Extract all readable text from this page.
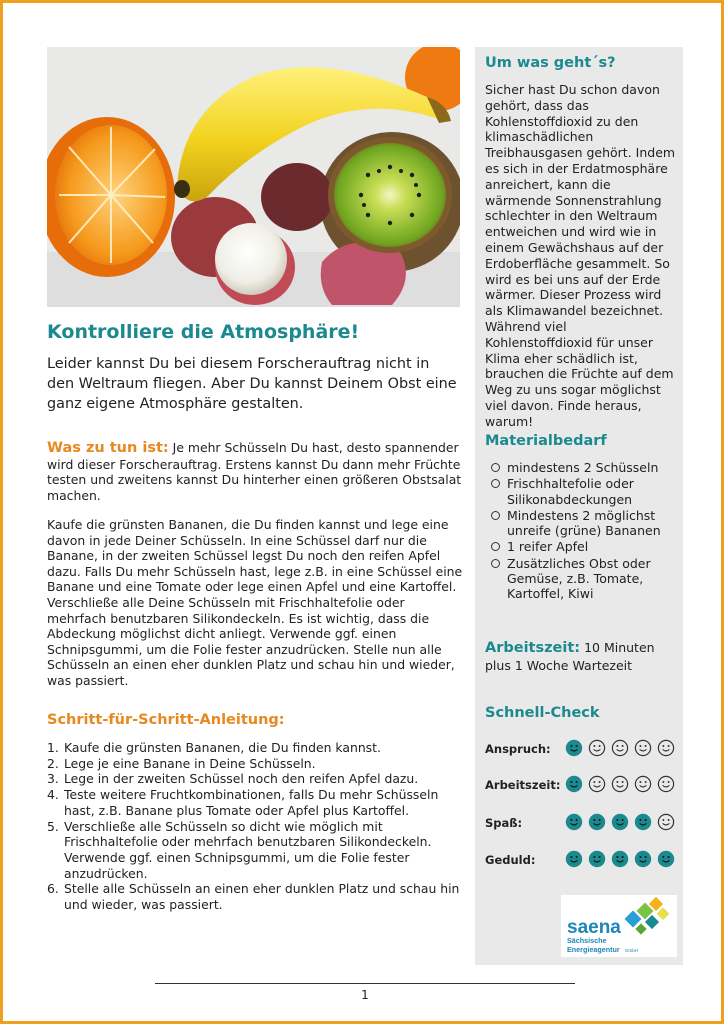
Kontrolliere die Atmosphäre!
Leider kannst Du bei diesem Forscherauftrag nicht in den Weltraum fliegen. Aber Du kannst Deinem Obst eine ganz eigene Atmosphäre gestalten.
Was zu tun ist: Je mehr Schüsseln Du hast, desto spannender wird dieser Forscherauftrag. Erstens kannst Du dann mehr Früchte testen und zweitens kannst Du hinterher einen größeren Obstsalat machen.
Kaufe die grünsten Bananen, die Du finden kannst und lege eine davon in jede Deiner Schüsseln. In eine Schüssel darf nur die Banane, in der zweiten Schüssel legst Du noch den reifen Apfel dazu. Falls Du mehr Schüsseln hast, lege z.B. in eine Schüssel eine Banane und eine Tomate oder lege einen Apfel und eine Kartoffel. Verschließe alle Deine Schüsseln mit Frischhaltefolie oder mehrfach benutzbaren Silikondeckeln. Es ist wichtig, dass die Abdeckung möglichst dicht anliegt. Verwende ggf. einen Schnipsgummi, um die Folie fester anzudrücken. Stelle nun alle Schüsseln an einen eher dunklen Platz und schau hin und wieder, was passiert.
Schritt-für-Schritt-Anleitung:
1. Kaufe die grünsten Bananen, die Du finden kannst.
2. Lege je eine Banane in Deine Schüsseln.
3. Lege in der zweiten Schüssel noch den reifen Apfel dazu.
4. Teste weitere Fruchtkombinationen, falls Du mehr Schüsseln hast, z.B. Banane plus Tomate oder Apfel plus Kartoffel.
5. Verschließe alle Schüsseln so dicht wie möglich mit Frischhaltefolie oder mehrfach benutzbaren Silikondeckeln. Verwende ggf. einen Schnipsgummi, um die Folie fester anzudrücken.
6. Stelle alle Schüsseln an einen eher dunklen Platz und schau hin und wieder, was passiert.
Um was geht´s?
Sicher hast Du schon davon gehört, dass das Kohlenstoffdioxid zu den klimaschädlichen Treibhausgasen gehört. Indem es sich in der Erdatmosphäre anreichert, kann die wärmende Sonnenstrahlung schlechter in den Weltraum entweichen und wird wie in einem Gewächshaus auf der Erdoberfläche gesammelt. So wird es bei uns auf der Erde wärmer. Dieser Prozess wird als Klimawandel bezeichnet. Während viel Kohlenstoffdioxid für unser Klima eher schädlich ist, brauchen die Früchte auf dem Weg zu uns sogar möglichst viel davon. Finde heraus, warum!
Materialbedarf
mindestens 2 Schüsseln
Frischhaltefolie oder Silikonabdeckungen
Mindestens 2 möglichst unreife (grüne) Bananen
1 reifer Apfel
Zusätzliches Obst oder Gemüse, z.B. Tomate, Kartoffel, Kiwi
Arbeitszeit: 10 Minuten plus 1 Woche Wartezeit
Schnell-Check
Anspruch:
Arbeitszeit:
Spaß:
Geduld:
saena
Sächsische
Energieagentur GmbH
1
